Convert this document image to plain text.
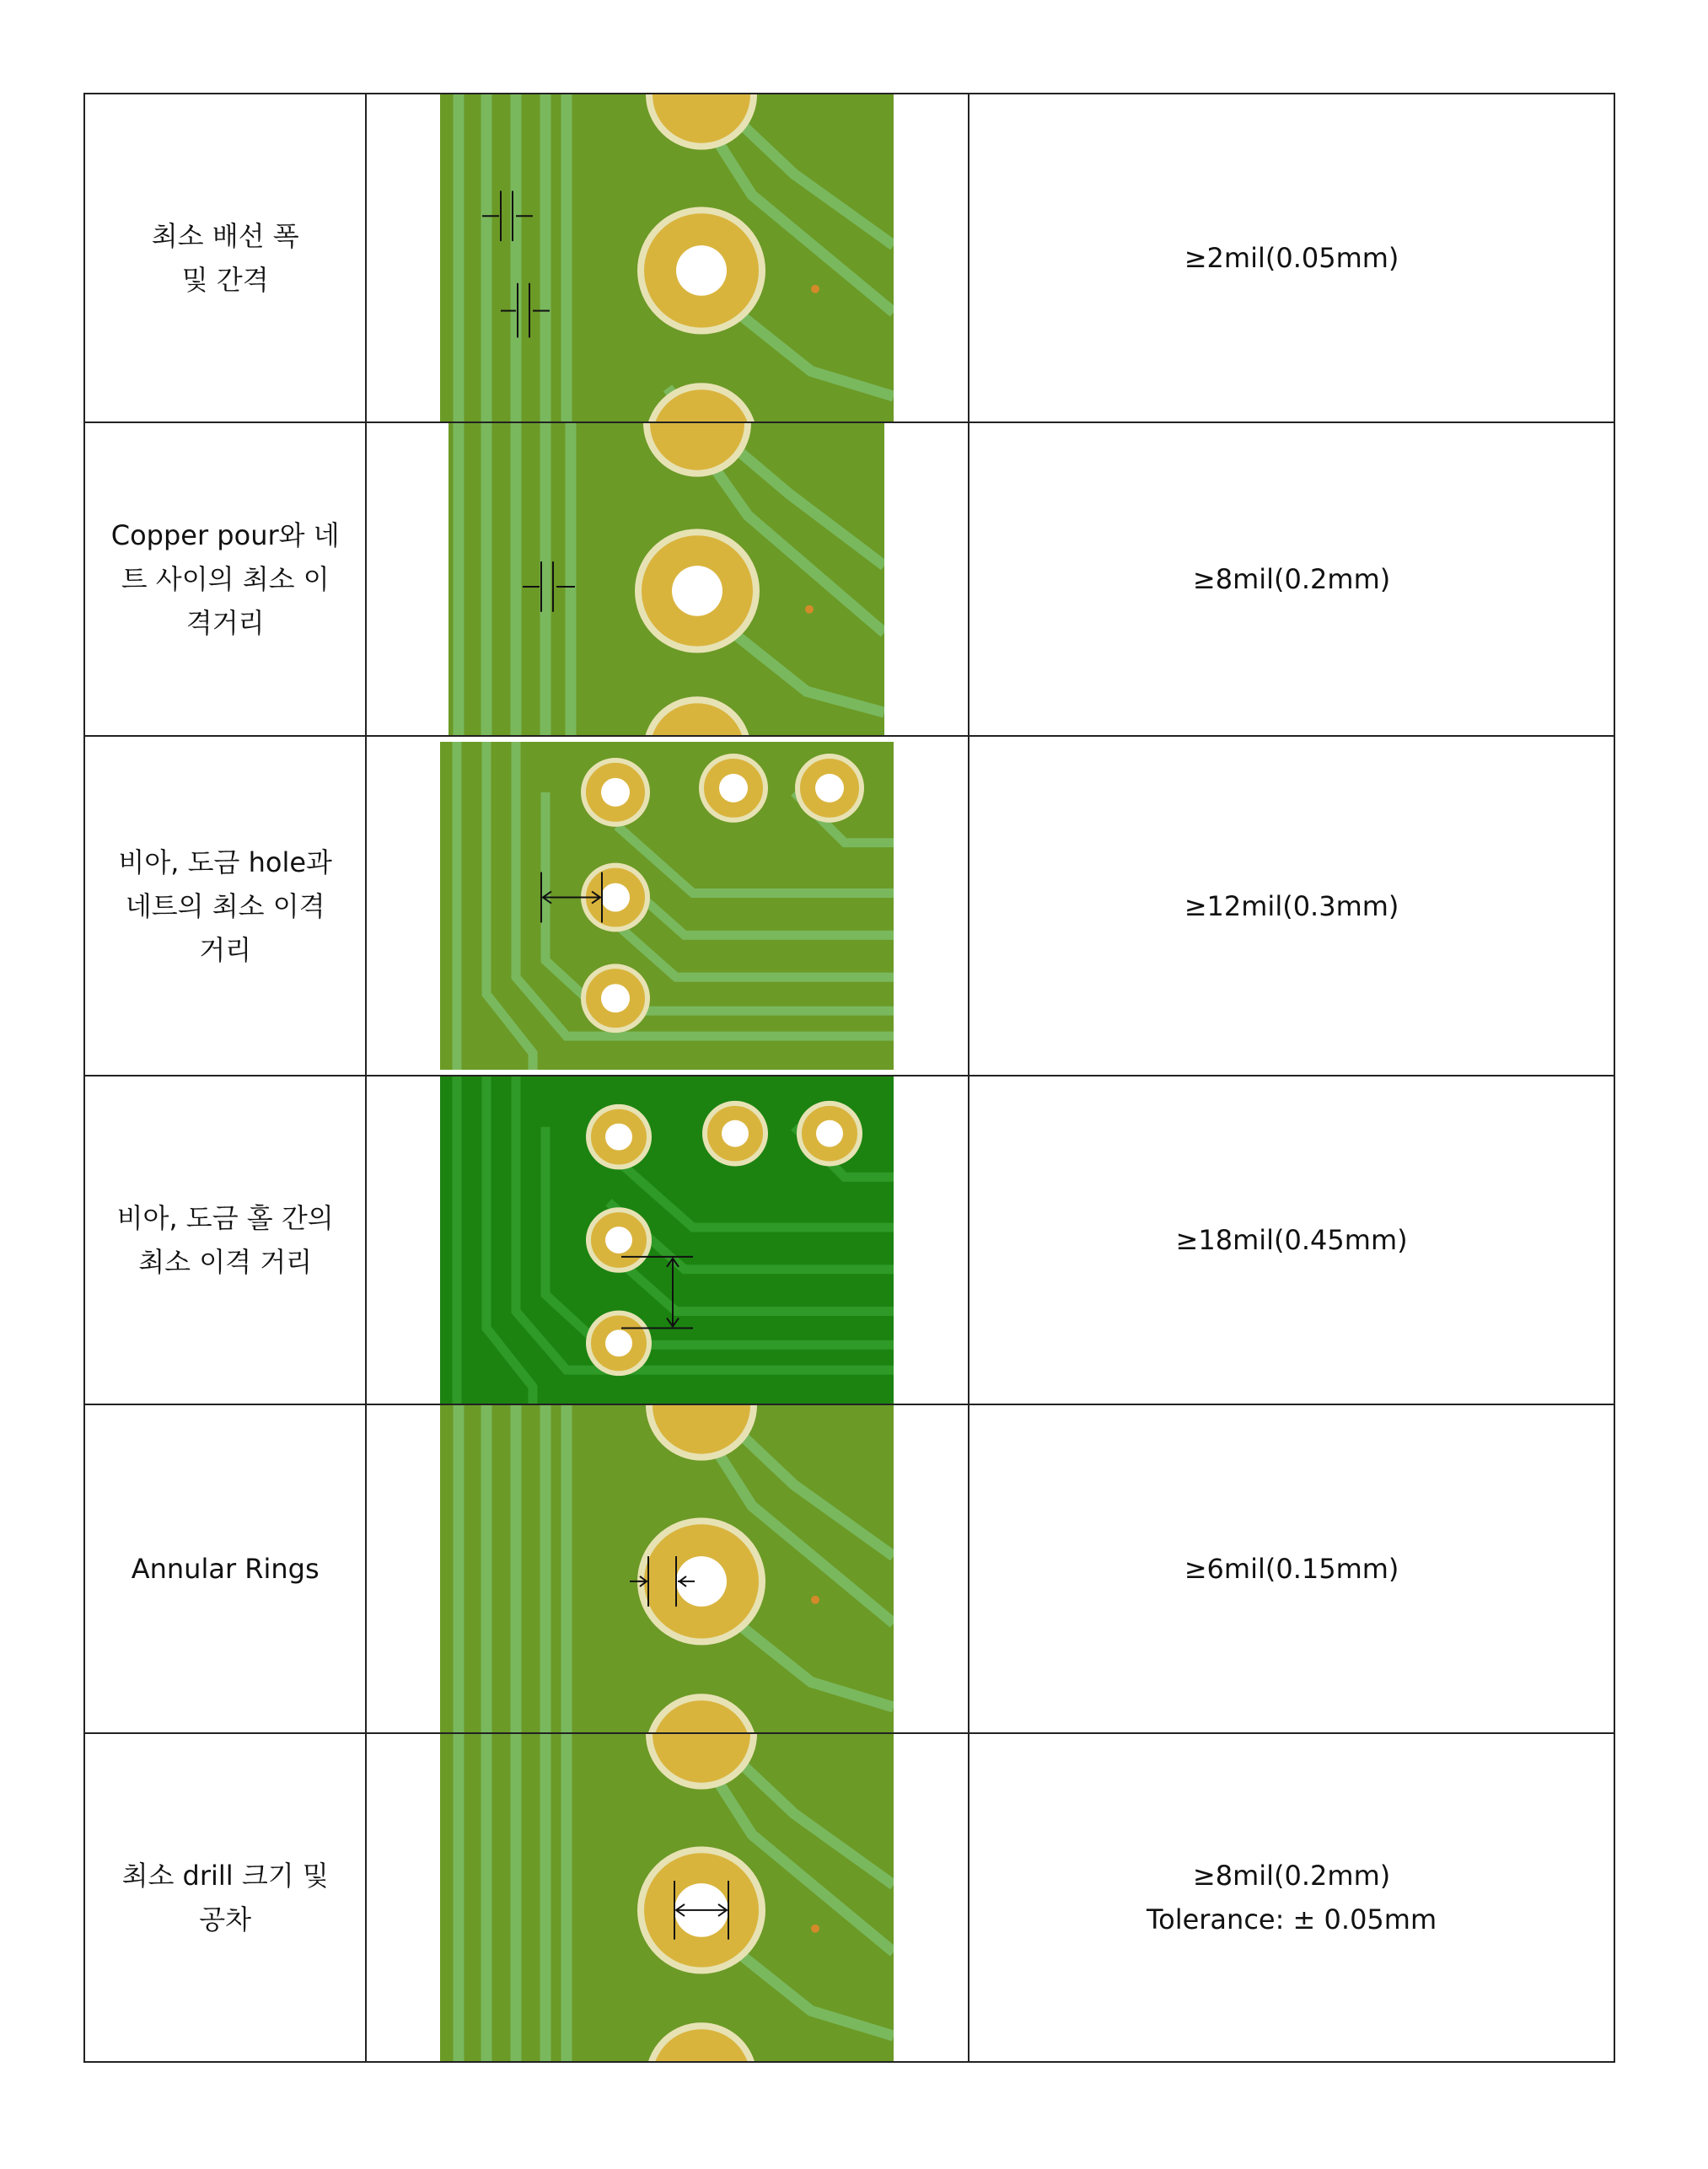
최소 배선 폭
및 간격		≥2mil(0.05mm)
Copper pour와 네
트 사이의 최소 이
격거리		≥8mil(0.2mm)
비아, 도금 hole과
네트의 최소 이격
거리		≥12mil(0.3mm)
비아, 도금 홀 간의
최소 이격 거리		≥18mil(0.45mm)
Annular Rings		≥6mil(0.15mm)
최소 drill 크기 및
공차		≥8mil(0.2mm)
Tolerance: ± 0.05mm
